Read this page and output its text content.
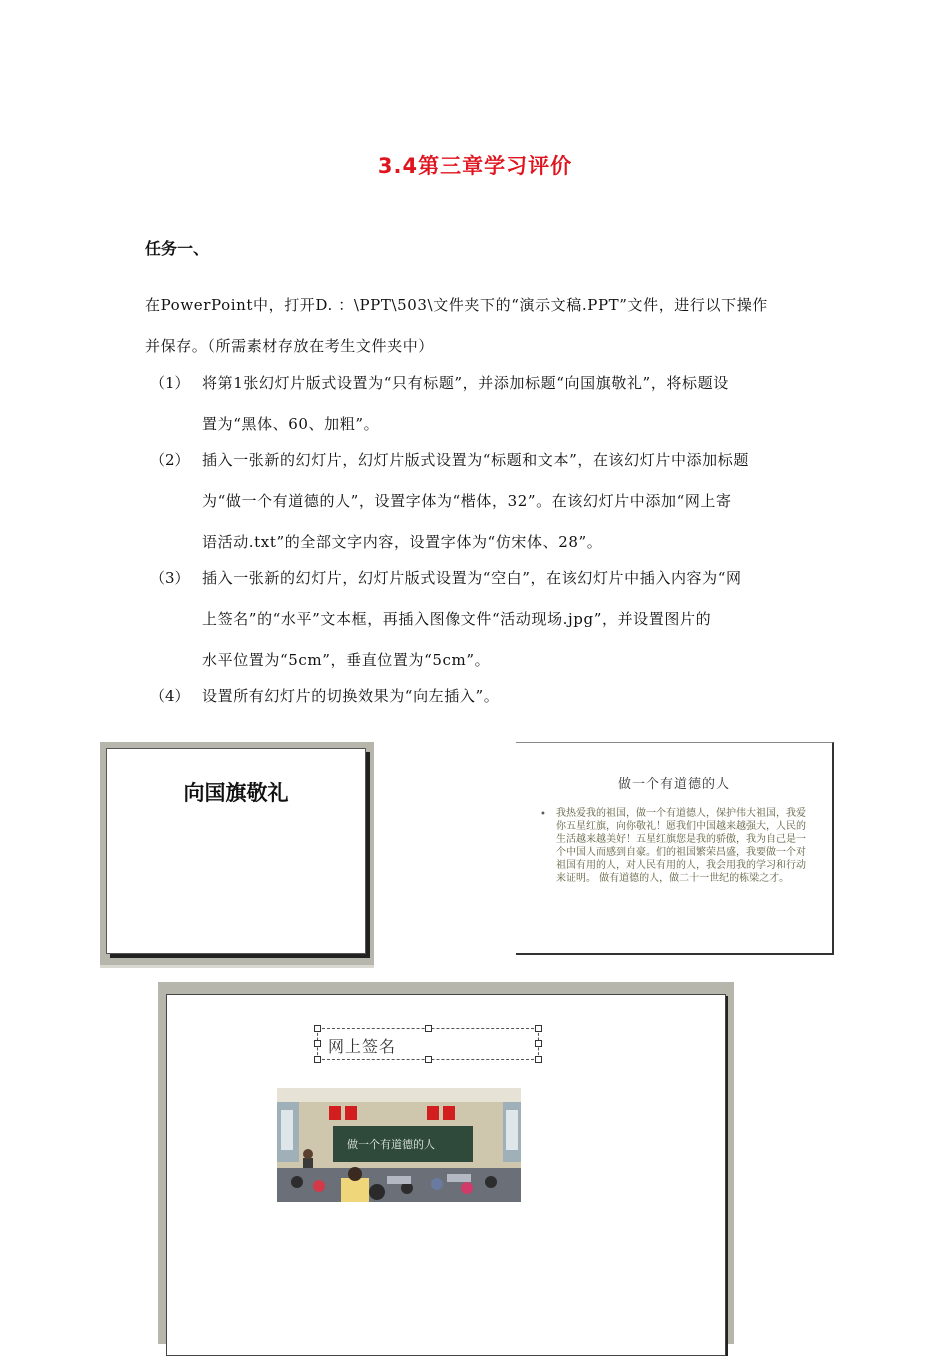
3.4第三章学习评价
任务一、
在PowerPoint中，打开D. ：\PPT\503\文件夹下的“演示文稿.PPT”文件，进行以下操作
并保存。（所需素材存放在考生文件夹中）
（1） 将第1张幻灯片版式设置为“只有标题”，并添加标题“向国旗敬礼”，将标题设
置为“黑体、60、加粗”。
（2） 插入一张新的幻灯片，幻灯片版式设置为“标题和文本”，在该幻灯片中添加标题
为“做一个有道德的人”，设置字体为“楷体，32”。在该幻灯片中添加“网上寄
语活动.txt”的全部文字内容，设置字体为“仿宋体、28”。
（3） 插入一张新的幻灯片，幻灯片版式设置为“空白”，在该幻灯片中插入内容为“网
上签名”的“水平”文本框，再插入图像文件“活动现场.jpg”，并设置图片的
水平位置为“5cm”，垂直位置为“5cm”。
（4） 设置所有幻灯片的切换效果为“向左插入”。
向国旗敬礼	做一个有道德的人
• 我热爱我的祖国，做一个有道德人，保护伟大祖国，我爱你五星红旗，向你敬礼！愿我们中国越来越强大，人民的生活越来越美好！五星红旗您是我的骄傲，我为自己是一个中国人而感到自豪。们的祖国繁荣昌盛，我要做一个对祖国有用的人，对人民有用的人，我会用我的学习和行动来证明。 做有道德的人，做二十一世纪的栋梁之才。
网上签名
做一个有道德的人
